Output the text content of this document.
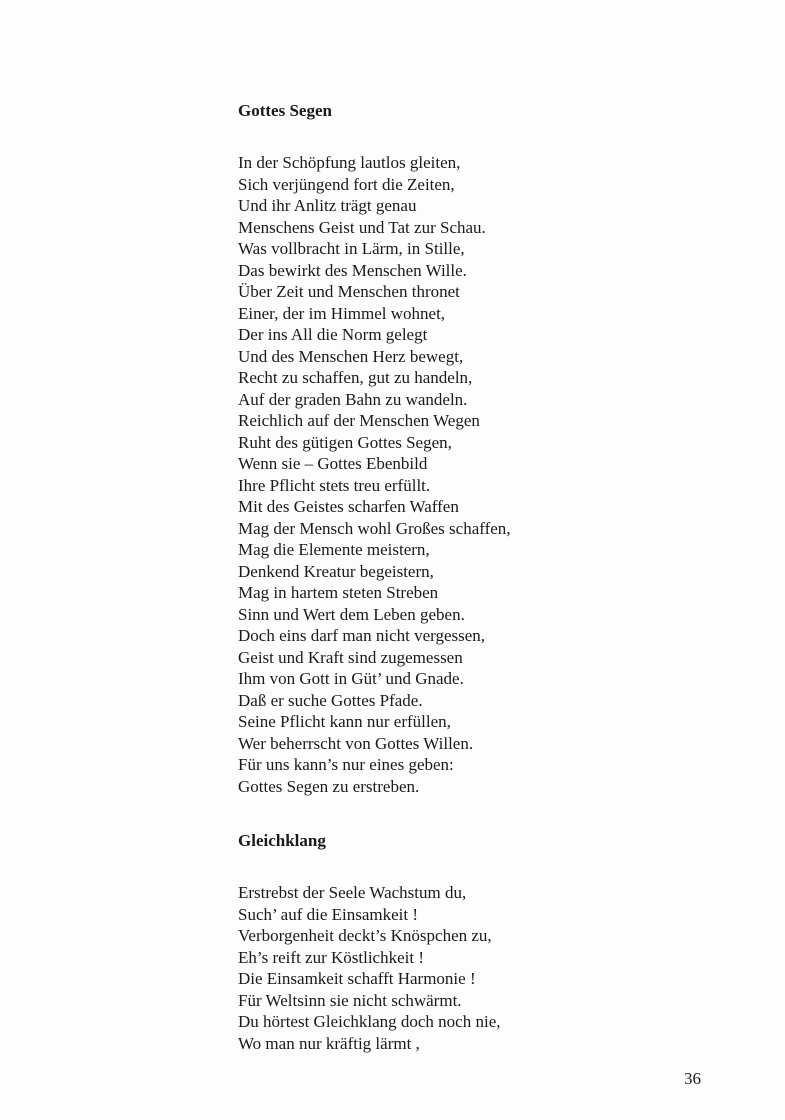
Gottes Segen
In der Schöpfung lautlos gleiten,
Sich verjüngend fort die Zeiten,
Und ihr Anlitz trägt genau
Menschens Geist und Tat zur Schau.
Was vollbracht in Lärm, in Stille,
Das bewirkt des Menschen Wille.
Über Zeit und Menschen thronet
Einer, der im Himmel wohnet,
Der ins All die Norm gelegt
Und des Menschen Herz bewegt,
Recht zu schaffen, gut zu handeln,
Auf der graden Bahn zu wandeln.
Reichlich auf der Menschen Wegen
Ruht des gütigen Gottes Segen,
Wenn sie – Gottes Ebenbild
Ihre Pflicht stets treu erfüllt.
Mit des Geistes scharfen Waffen
Mag der Mensch wohl Großes schaffen,
Mag die Elemente meistern,
Denkend Kreatur begeistern,
Mag in hartem steten Streben
Sinn und Wert dem Leben geben.
Doch eins darf man nicht vergessen,
Geist und Kraft sind zugemessen
Ihm von Gott in Güt’ und Gnade.
Daß er suche Gottes Pfade.
Seine Pflicht kann nur erfüllen,
Wer beherrscht von Gottes Willen.
Für uns kann’s nur eines geben:
Gottes Segen zu erstreben.
Gleichklang
Erstrebst der Seele Wachstum du,
Such’ auf die Einsamkeit !
Verborgenheit deckt’s Knöspchen zu,
Eh’s reift zur Köstlichkeit !
Die Einsamkeit schafft Harmonie !
Für Weltsinn sie nicht schwärmt.
Du hörtest Gleichklang doch noch nie,
Wo man nur kräftig lärmt ,
36
